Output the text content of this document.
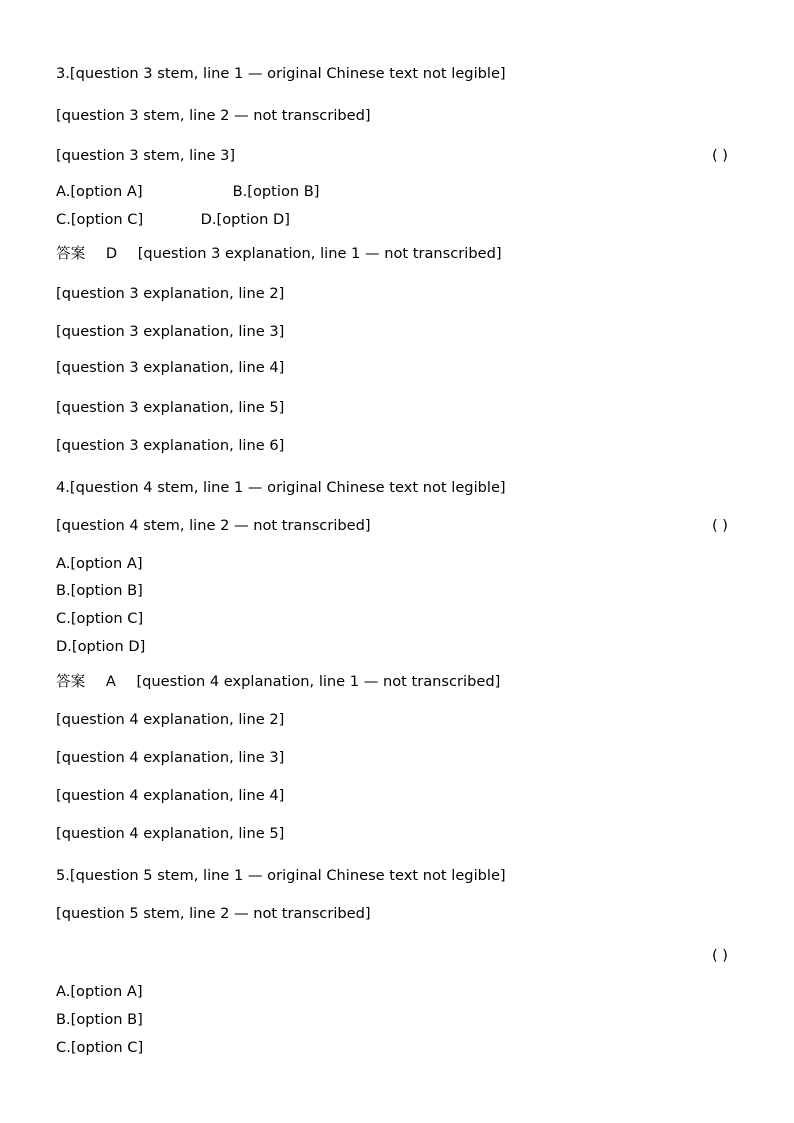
3.[question 3 stem, line 1 — original Chinese text not legible]
[question 3 stem, line 2 — not transcribed]
[question 3 stem, line 3]	( )
A.[option A]	B.[option B]
C.[option C]	D.[option D]
答案 D [question 3 explanation, line 1 — not transcribed]
[question 3 explanation, line 2]
[question 3 explanation, line 3]
[question 3 explanation, line 4]
[question 3 explanation, line 5]
[question 3 explanation, line 6]
4.[question 4 stem, line 1 — original Chinese text not legible]
[question 4 stem, line 2 — not transcribed]	( )
A.[option A]
B.[option B]
C.[option C]
D.[option D]
答案 A [question 4 explanation, line 1 — not transcribed]
[question 4 explanation, line 2]
[question 4 explanation, line 3]
[question 4 explanation, line 4]
[question 4 explanation, line 5]
5.[question 5 stem, line 1 — original Chinese text not legible]
[question 5 stem, line 2 — not transcribed]
( )
A.[option A]
B.[option B]
C.[option C]
